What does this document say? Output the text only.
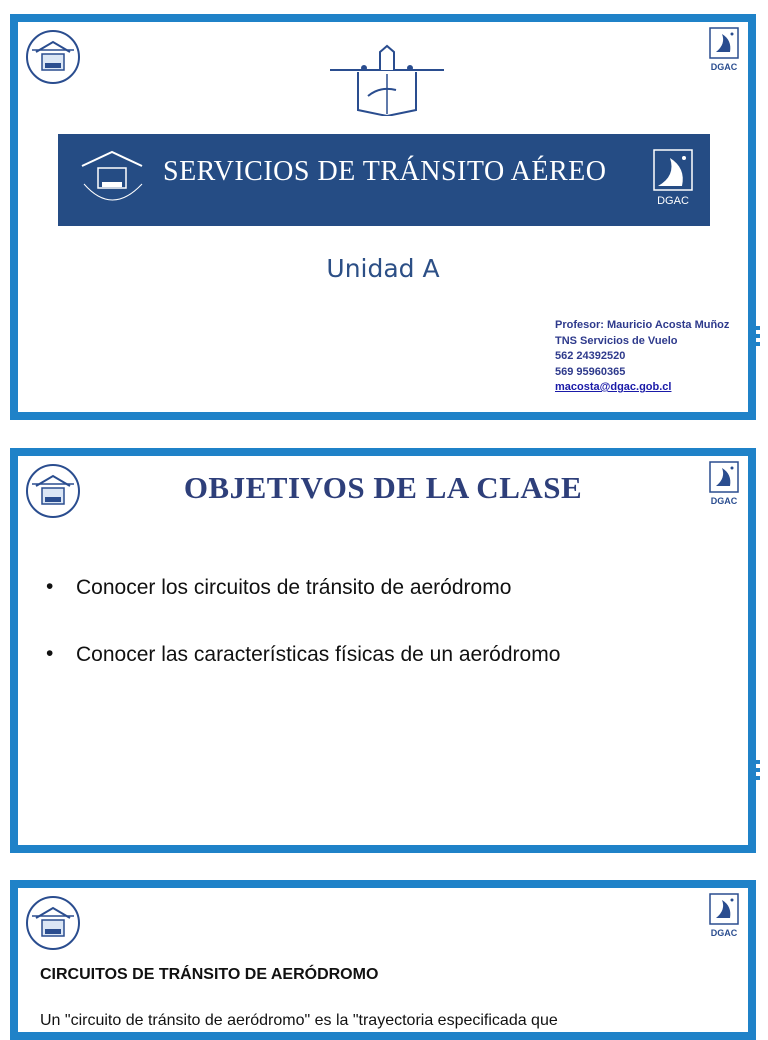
DGAC
SERVICIOS DE TRÁNSITO AÉREO
DGAC
Unidad A
Profesor: Mauricio Acosta Muñoz
TNS Servicios de Vuelo
562 24392520
569 95960365
macosta@dgac.gob.cl
DGAC
OBJETIVOS DE LA CLASE
• Conocer los circuitos de tránsito de aeródromo
• Conocer las características físicas de un aeródromo
DGAC
CIRCUITOS DE TRÁNSITO DE AERÓDROMO
Un "circuito de tránsito de aeródromo" es la "trayectoria especificada que
